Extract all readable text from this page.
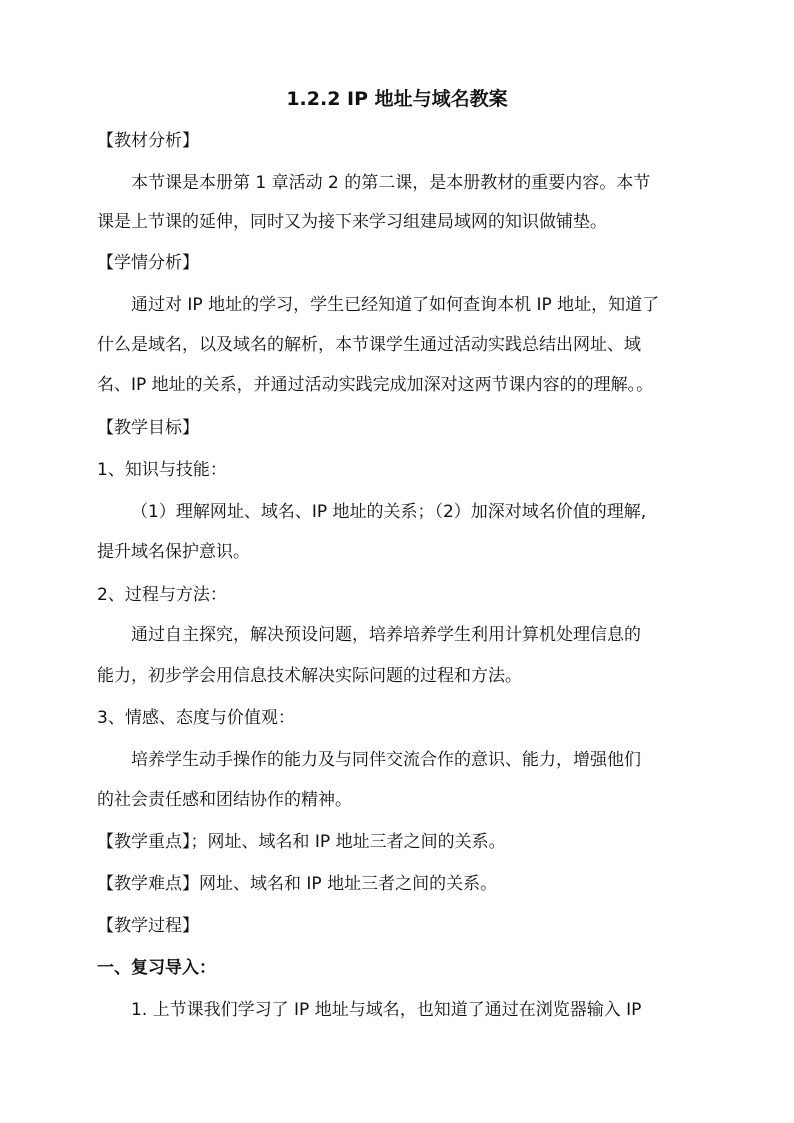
1.2.2 IP 地址与域名教案
【教材分析】
本节课是本册第 1 章活动 2 的第二课，是本册教材的重要内容。本节
课是上节课的延伸，同时又为接下来学习组建局域网的知识做铺垫。
【学情分析】
通过对 IP 地址的学习，学生已经知道了如何查询本机 IP 地址，知道了
什么是域名，以及域名的解析，本节课学生通过活动实践总结出网址、域
名、IP 地址的关系，并通过活动实践完成加深对这两节课内容的的理解。。
【教学目标】
1、知识与技能：
（1）理解网址、域名、IP 地址的关系；（2）加深对域名价值的理解,
提升域名保护意识。
2、过程与方法：
通过自主探究，解决预设问题，培养培养学生利用计算机处理信息的
能力，初步学会用信息技术解决实际问题的过程和方法。
3、情感、态度与价值观：
培养学生动手操作的能力及与同伴交流合作的意识、能力，增强他们
的社会责任感和团结协作的精神。
【教学重点】；网址、域名和 IP 地址三者之间的关系。
【教学难点】网址、域名和 IP 地址三者之间的关系。
【教学过程】
一、复习导入：
1. 上节课我们学习了 IP 地址与域名，也知道了通过在浏览器输入 IP
